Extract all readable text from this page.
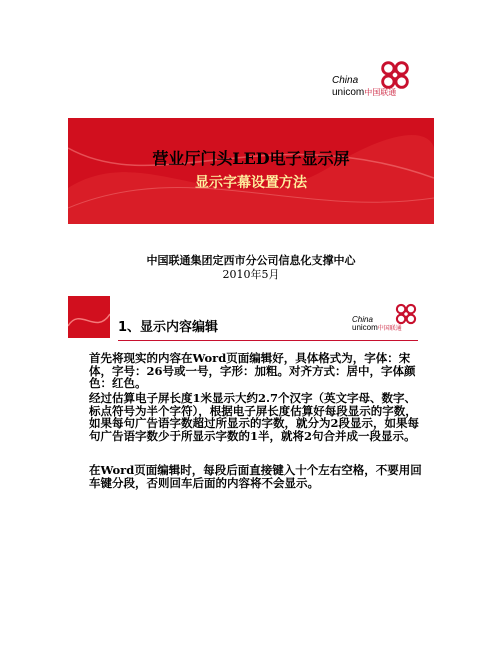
China
unicom中国联通
营业厅门头LED电子显示屏
显示字幕设置方法
中国联通集团定西市分公司信息化支撑中心
2010年5月
1、显示内容编辑
China
unicom中国联通
首先将现实的内容在Word页面编辑好，具体格式为，字体：宋体，字号：26号或一号，字形：加粗。对齐方式：居中，字体颜色：红色。
经过估算电子屏长度1米显示大约2.7个汉字（英文字母、数字、标点符号为半个字符），根据电子屏长度估算好每段显示的字数，如果每句广告语字数超过所显示的字数，就分为2段显示，如果每句广告语字数少于所显示字数的1半，就将2句合并成一段显示。
在Word页面编辑时，每段后面直接键入十个左右空格，不要用回车键分段，否则回车后面的内容将不会显示。
